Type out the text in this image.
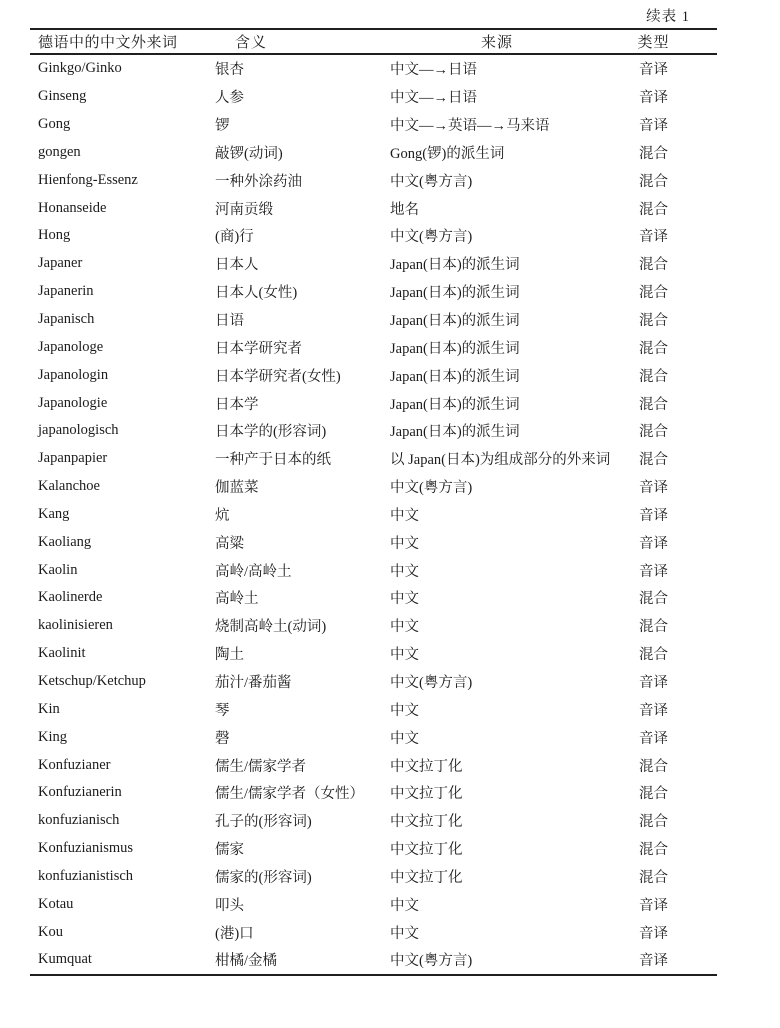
续表 1
德语中的中文外来词	含义	来源	类型
Ginkgo/Ginko	银杏	中文—→日语	音译
Ginseng	人参	中文—→日语	音译
Gong	锣	中文—→英语—→马来语	音译
gongen	敲锣(动词)	Gong(锣)的派生词	混合
Hienfong-Essenz	一种外涂药油	中文(粤方言)	混合
Honanseide	河南贡缎	地名	混合
Hong	(商)行	中文(粤方言)	音译
Japaner	日本人	Japan(日本)的派生词	混合
Japanerin	日本人(女性)	Japan(日本)的派生词	混合
Japanisch	日语	Japan(日本)的派生词	混合
Japanologe	日本学研究者	Japan(日本)的派生词	混合
Japanologin	日本学研究者(女性)	Japan(日本)的派生词	混合
Japanologie	日本学	Japan(日本)的派生词	混合
japanologisch	日本学的(形容词)	Japan(日本)的派生词	混合
Japanpapier	一种产于日本的纸	以 Japan(日本)为组成部分的外来词	混合
Kalanchoe	伽蓝菜	中文(粤方言)	音译
Kang	炕	中文	音译
Kaoliang	高粱	中文	音译
Kaolin	高岭/高岭土	中文	音译
Kaolinerde	高岭土	中文	混合
kaolinisieren	烧制高岭土(动词)	中文	混合
Kaolinit	陶土	中文	混合
Ketschup/Ketchup	茄汁/番茄酱	中文(粤方言)	音译
Kin	琴	中文	音译
King	磬	中文	音译
Konfuzianer	儒生/儒家学者	中文拉丁化	混合
Konfuzianerin	儒生/儒家学者（女性）	中文拉丁化	混合
konfuzianisch	孔子的(形容词)	中文拉丁化	混合
Konfuzianismus	儒家	中文拉丁化	混合
konfuzianistisch	儒家的(形容词)	中文拉丁化	混合
Kotau	叩头	中文	音译
Kou	(港)口	中文	音译
Kumquat	柑橘/金橘	中文(粤方言)	音译
